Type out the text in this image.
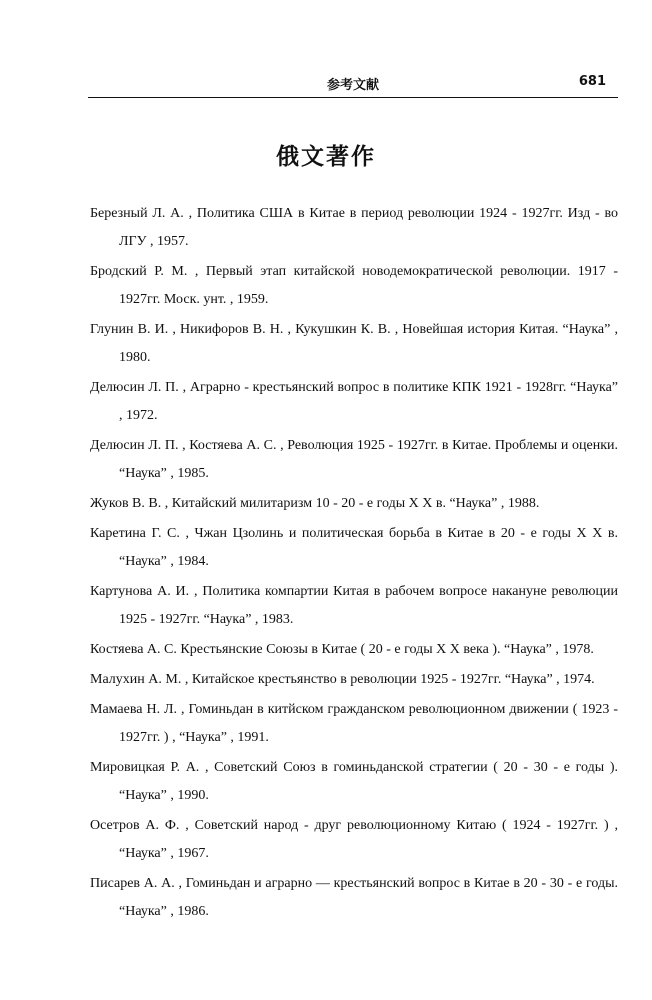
参考文献	681
俄文著作
Березный Л. А. , Политика США в Китае в период революции 1924 - 1927гг. Изд - во ЛГУ , 1957.
Бродский Р. М. , Первый этап китайской новодемократической революции. 1917 - 1927гг. Моск. унт. , 1959.
Глунин В. И. , Никифоров В. Н. , Кукушкин К. В. , Новейшая история Китая. “Наука” , 1980.
Делюсин Л. П. , Аграрно - крестьянский вопрос в политике КПК 1921 - 1928гг. “Наука” , 1972.
Делюсин Л. П. , Костяева А. С. , Революция 1925 - 1927гг. в Китае. Проблемы и оценки. “Наука” , 1985.
Жуков В. В. , Китайский милитаризм 10 - 20 - е годы Х Х в. “Наука” , 1988.
Каретина Г. С. , Чжан Цзолинь и политическая борьба в Китае в 20 - е годы Х Х в. “Наука” , 1984.
Картунова А. И. , Политика компартии Китая в рабочем вопросе накануне революции 1925 - 1927гг. “Наука” , 1983.
Костяева А. С. Крестьянские Союзы в Китае ( 20 - е годы Х Х века ). “Наука” , 1978.
Малухин А. М. , Китайское крестьянство в революции 1925 - 1927гг. “Наука” , 1974.
Мамаева Н. Л. , Гоминьдан в китйском гражданском революционном движении ( 1923 - 1927гг. ) , “Наука” , 1991.
Мировицкая Р. А. , Советский Союз в гоминьданской стратегии ( 20 - 30 - е годы ). “Наука” , 1990.
Осетров А. Ф. , Советский народ - друг революционному Китаю ( 1924 - 1927гг. ) , “Наука” , 1967.
Писарев А. А. , Гоминьдан и аграрно — крестьянский вопрос в Китае в 20 - 30 - е годы. “Наука” , 1986.
